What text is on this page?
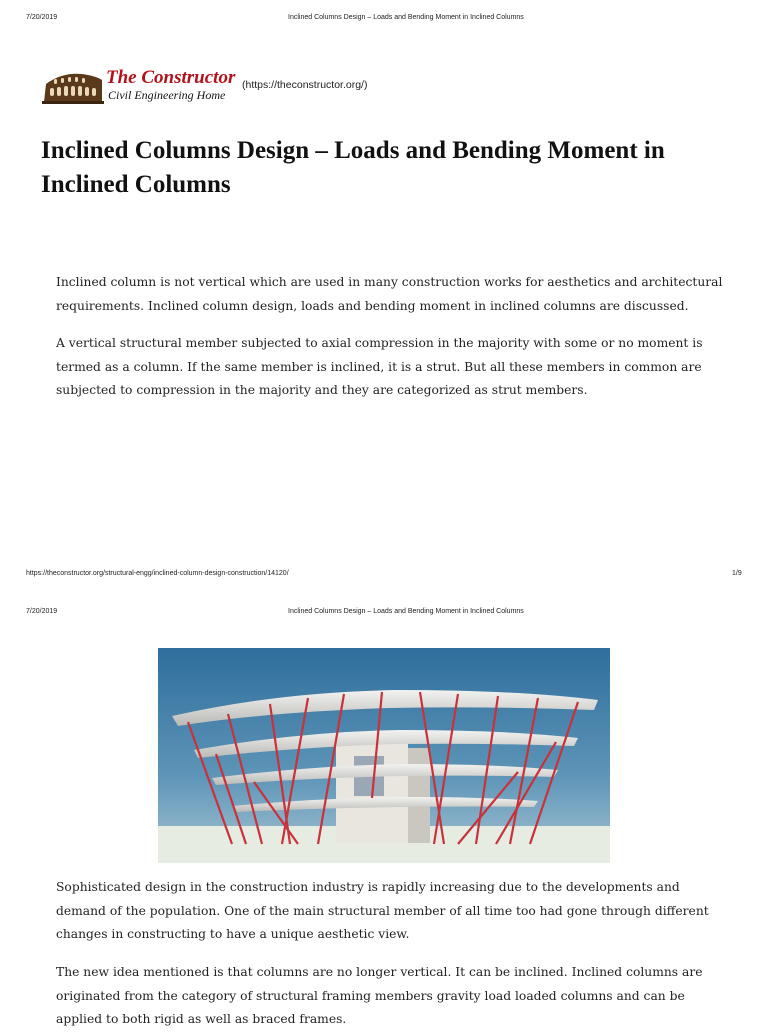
7/20/2019	Inclined Columns Design – Loads and Bending Moment in Inclined Columns
The Constructor
Civil Engineering Home
(https://theconstructor.org/)
Inclined Columns Design – Loads and Bending Moment in Inclined Columns

Inclined column is not vertical which are used in many construction works for aesthetics and architectural requirements. Inclined column design, loads and bending moment in inclined columns are discussed.

A vertical structural member subjected to axial compression in the majority with some or no moment is termed as a column. If the same member is inclined, it is a strut. But all these members in common are subjected to compression in the majority and they are categorized as strut members.

https://theconstructor.org/structural-engg/inclined-column-design-construction/14120/	1/9
7/20/2019	Inclined Columns Design – Loads and Bending Moment in Inclined Columns

Sophisticated design in the construction industry is rapidly increasing due to the developments and demand of the population. One of the main structural member of all time too had gone through different changes in constructing to have a unique aesthetic view.

The new idea mentioned is that columns are no longer vertical. It can be inclined. Inclined columns are originated from the category of structural framing members gravity load loaded columns and can be applied to both rigid as well as braced frames.
